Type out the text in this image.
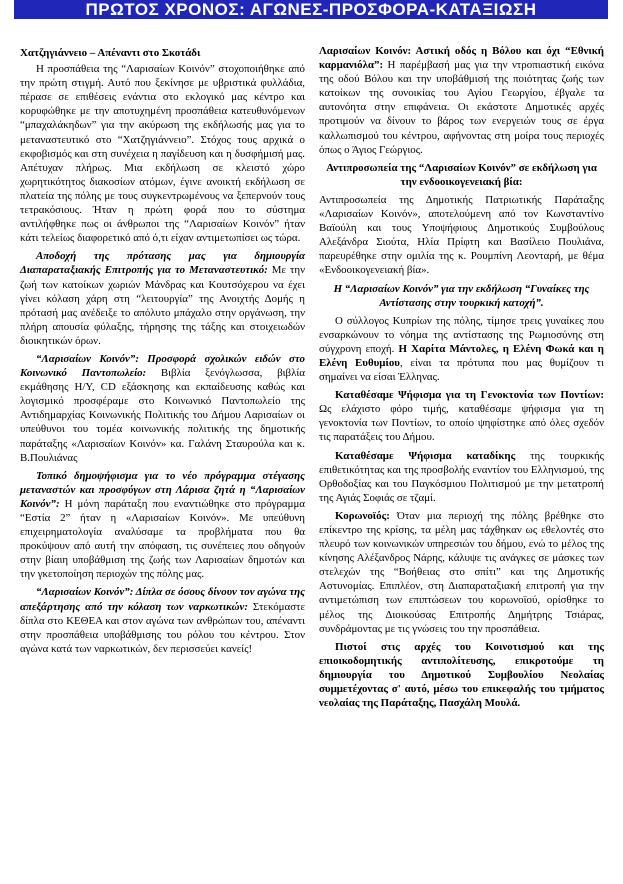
ΠΡΩΤΟΣ ΧΡΟΝΟΣ: ΑΓΩΝΕΣ-ΠΡΟΣΦΟΡΑ-ΚΑΤΑΞΙΩΣΗ

Χατζηγιάννειο – Απέναντι στο Σκοτάδι

Η προσπάθεια της “Λαρισαίων Κοινόν” στοχοποιήθηκε από την πρώτη στιγμή. Αυτό που ξεκίνησε με υβριστικά φυλλάδια, πέρασε σε επιθέσεις ενάντια στο εκλογικό μας κέντρο και κορυφώθηκε με την αποτυχημένη προσπάθεια κατευθυνόμενων “μπαχαλάκηδων” για την ακύρωση της εκδήλωσής μας για το μεταναστευτικό στο “Χατζηγιάννειο”. Στόχος τους αρχικά ο εκφοβισμός και στη συνέχεια η παγίδευση και η δυσφήμισή μας. Απέτυχαν πλήρως. Μια εκδήλωση σε κλειστό χώρο χωρητικότητος διακοσίων ατόμων, έγινε ανοικτή εκδήλωση σε πλατεία της πόλης με τους συγκεντρωμένους να ξεπερνούν τους τετρακόσιους. Ήταν η πρώτη φορά που το σύστημα αντιλήφθηκε πως οι άνθρωποι της “Λαρισαίων Κοινόν” ήταν κάτι τελείως διαφορετικό από ό,τι είχαν αντιμετωπίσει ως τώρα.

Αποδοχή της πρότασης μας για δημιουργία Διαπαραταξιακής Επιτροπής για το Μεταναστευτικό: Με την ζωή των κατοίκων χωριών Μάνδρας και Κουτσόχερου να έχει γίνει κόλαση χάρη στη “λειτουργία” της Ανοιχτής Δομής η πρότασή μας ανέδειξε το απόλυτο μπάχαλο στην οργάνωση, την πλήρη απουσία φύλαξης, τήρησης της τάξης και στοιχειωδών διοικητικών όρων.

“Λαρισαίων Κοινόν”: Προσφορά σχολικών ειδών στο Κοινωνικό Παντοπωλείο: Βιβλία ξενόγλωσσα, βιβλία εκμάθησης Η/Υ, CD εξάσκησης και εκπαίδευσης καθώς και λογισμικό προσφέραμε στο Κοινωνικό Παντοπωλείο της Αντιδημαρχίας Κοινωνικής Πολιτικής του Δήμου Λαρισαίων οι υπεύθυνοι του τομέα κοινωνικής πολιτικής της δημοτικής παράταξης «Λαρισαίων Κοινόν» κα. Γαλάνη Σταυρούλα και κ. Β.Πουλιάνας

Τοπικό δημοψήφισμα για το νέο πρόγραμμα στέγασης μεταναστών και προσφύγων στη Λάρισα ζητά η “Λαρισαίων Κοινόν”: Η μόνη παράταξη που εναντιώθηκε στο πρόγραμμα “Εστία 2” ήταν η «Λαρισαίων Κοινόν». Με υπεύθυνη επιχειρηματολογία αναλύσαμε τα προβλήματα που θα προκύψουν από αυτή την απόφαση, τις συνέπειες που οδηγούν στην βίαιη υποβάθμιση της ζωής των Λαρισαίων δημοτών και την γκετοποίηση περιοχών της πόλης μας.

“Λαρισαίων Κοινόν”: Δίπλα σε όσους δίνουν τον αγώνα της απεξάρτησης από την κόλαση των ναρκωτικών: Στεκόμαστε δίπλα στο ΚΕΘΕΑ και στον αγώνα των ανθρώπων του, απέναντι στην προσπάθεια υποβάθμισης του ρόλου του κέντρου. Στον αγώνα κατά των ναρκωτικών, δεν περισσεύει κανείς!

Λαρισαίων Κοινόν: Αστική οδός η Βόλου και όχι “Εθνική καρμανιόλα”: Η παρέμβασή μας για την ντροπιαστική εικόνα της οδού Βόλου και την υποβάθμισή της ποιότητας ζωής των κατοίκων της συνοικίας του Αγίου Γεωργίου, έβγαλε τα αυτονόητα στην επιφάνεια. Οι εκάστοτε Δημοτικές αρχές προτιμούν να δίνουν το βάρος των ενεργειών τους σε έργα καλλωπισμού του κέντρου, αφήνοντας στη μοίρα τους περιοχές όπως ο Άγιος Γεώργιος.

Αντιπροσωπεία της “Λαρισαίων Κοινόν” σε εκδήλωση για την ενδοοικογενειακή βία:

Αντιπροσωπεία της Δημοτικής Πατριωτικής Παράταξης «Λαρισαίων Κοινόν», αποτελούμενη από τον Κωνσταντίνο Βαϊούλη και τους Υποψήφιους Δημοτικούς Συμβούλους Αλεξάνδρα Σιούτα, Ηλία Πρίφτη και Βασίλειο Πουλιάνα, παρευρέθηκε στην ομιλία της κ. Ρουμπίνη Λεονταρή, με θέμα «Ενδοοικογενειακή βία».

Η “Λαρισαίων Κοινόν” για την εκδήλωση “Γυναίκες της Αντίστασης στην τουρκική κατοχή”.

Ο σύλλογος Κυπρίων της πόλης, τίμησε τρεις γυναίκες που ενσαρκώνουν το νόημα της αντίστασης της Ρωμιοσύνης στη σύγχρονη εποχή. Η Χαρίτα Μάντολες, η Ελένη Φωκά και η Ελένη Ευθυμίου, είναι τα πρότυπα που μας θυμίζουν τι σημαίνει να είσαι Έλληνας.

Καταθέσαμε Ψήφισμα για τη Γενοκτονία των Ποντίων: Ως ελάχιστο φόρο τιμής, καταθέσαμε ψήφισμα για τη γενοκτονία των Ποντίων, το οποίο ψηφίστηκε από όλες σχεδόν τις παρατάξεις του Δήμου.

Καταθέσαμε Ψήφισμα καταδίκης της τουρκικής επιθετικότητας και της προσβολής εναντίον του Ελληνισμού, της Ορθοδοξίας και του Παγκόσμιου Πολιτισμού με την μετατροπή της Αγιάς Σοφιάς σε τζαμί.

Κορωνοϊός: Όταν μια περιοχή της πόλης βρέθηκε στο επίκεντρο της κρίσης, τα μέλη μας τάχθηκαν ως εθελοντές στο πλευρό των κοινωνικών υπηρεσιών του δήμου, ενώ το μέλος της κίνησης Αλέξανδρος Νάρης, κάλυψε τις ανάγκες σε μάσκες των στελεχών της “Βοήθειας στο σπίτι” και της Δημοτικής Αστυνομίας. Επιπλέον, στη Διαπαραταξιακή επιτροπή για την αντιμετώπιση των επιπτώσεων του κορωνοϊού, ορίσθηκε το μέλος της Διοικούσας Επιτροπής Δημήτρης Τσιάρας, συνδράμοντας με τις γνώσεις του την προσπάθεια.

Πιστοί στις αρχές του Κοινοτισμού και της επιοικοδομητικής αντιπολίτευσης, επικροτούμε τη δημιουργία του Δημοτικού Συμβουλίου Νεολαίας συμμετέχοντας σ' αυτό, μέσω του επικεφαλής του τμήματος νεολαίας της Παράταξης, Πασχάλη Μουλά.
